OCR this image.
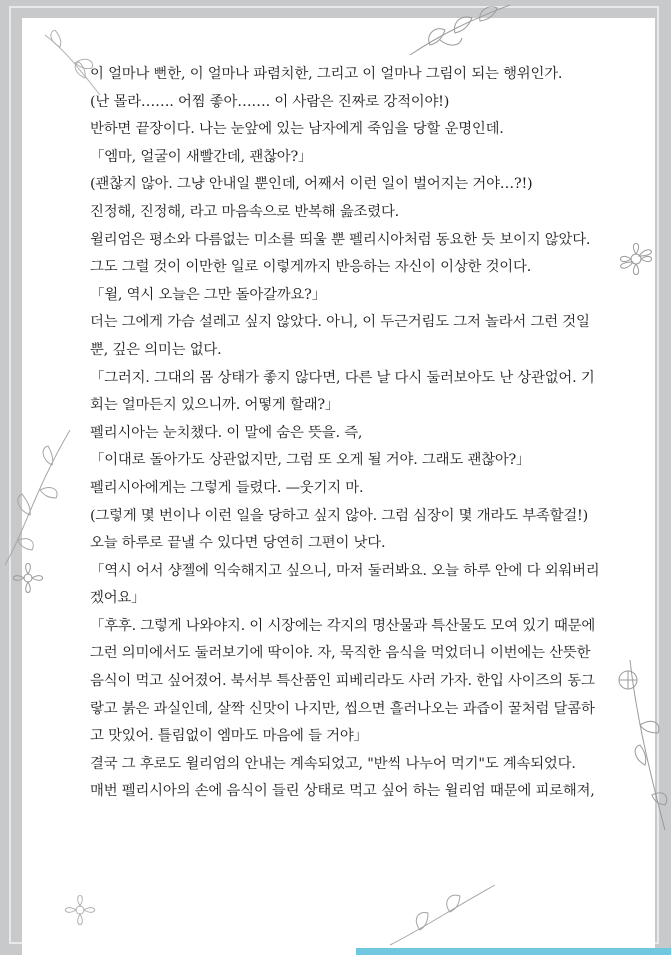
이 얼마나 뻔한, 이 얼마나 파렴치한, 그리고 이 얼마나 그림이 되는 행위인가.
(난 몰라……. 어찜 좋아……. 이 사람은 진짜로 강적이야!)
반하면 끝장이다. 나는 눈앞에 있는 남자에게 죽임을 당할 운명인데.
「엠마, 얼굴이 새빨간데, 괜찮아?」
(괜찮지 않아. 그냥 안내일 뿐인데, 어째서 이런 일이 벌어지는 거야…?!)
진정해, 진정해, 라고 마음속으로 반복해 읊조렸다.
윌리엄은 평소와 다름없는 미소를 띄울 뿐 펠리시아처럼 동요한 듯 보이지 않았다.
그도 그럴 것이 이만한 일로 이렇게까지 반응하는 자신이 이상한 것이다.
「윌, 역시 오늘은 그만 돌아갈까요?」
더는 그에게 가슴 설레고 싶지 않았다. 아니, 이 두근거림도 그저 놀라서 그런 것일
뿐, 깊은 의미는 없다.
「그러지. 그대의 몸 상태가 좋지 않다면, 다른 날 다시 둘러보아도 난 상관없어. 기
회는 얼마든지 있으니까. 어떻게 할래?」
펠리시아는 눈치챘다. 이 말에 숨은 뜻을. 즉,
「이대로 돌아가도 상관없지만, 그럼 또 오게 될 거야. 그래도 괜찮아?」
펠리시아에게는 그렇게 들렸다. —웃기지 마.
(그렇게 몇 번이나 이런 일을 당하고 싶지 않아. 그럼 심장이 몇 개라도 부족할걸!)
오늘 하루로 끝낼 수 있다면 당연히 그편이 낫다.
「역시 어서 샹젤에 익숙해지고 싶으니, 마저 둘러봐요. 오늘 하루 안에 다 외워버리
겠어요」
「후후. 그렇게 나와야지. 이 시장에는 각지의 명산물과 특산물도 모여 있기 때문에
그런 의미에서도 둘러보기에 딱이야. 자, 묵직한 음식을 먹었더니 이번에는 산뜻한
음식이 먹고 싶어졌어. 북서부 특산품인 피베리라도 사러 가자. 한입 사이즈의 동그
랗고 붉은 과실인데, 살짝 신맛이 나지만, 씹으면 흘러나오는 과즙이 꿀처럼 달콤하
고 맛있어. 틀림없이 엠마도 마음에 들 거야」
결국 그 후로도 윌리엄의 안내는 계속되었고, "반씩 나누어 먹기"도 계속되었다.
매번 펠리시아의 손에 음식이 들린 상태로 먹고 싶어 하는 윌리엄 때문에 피로해져,
